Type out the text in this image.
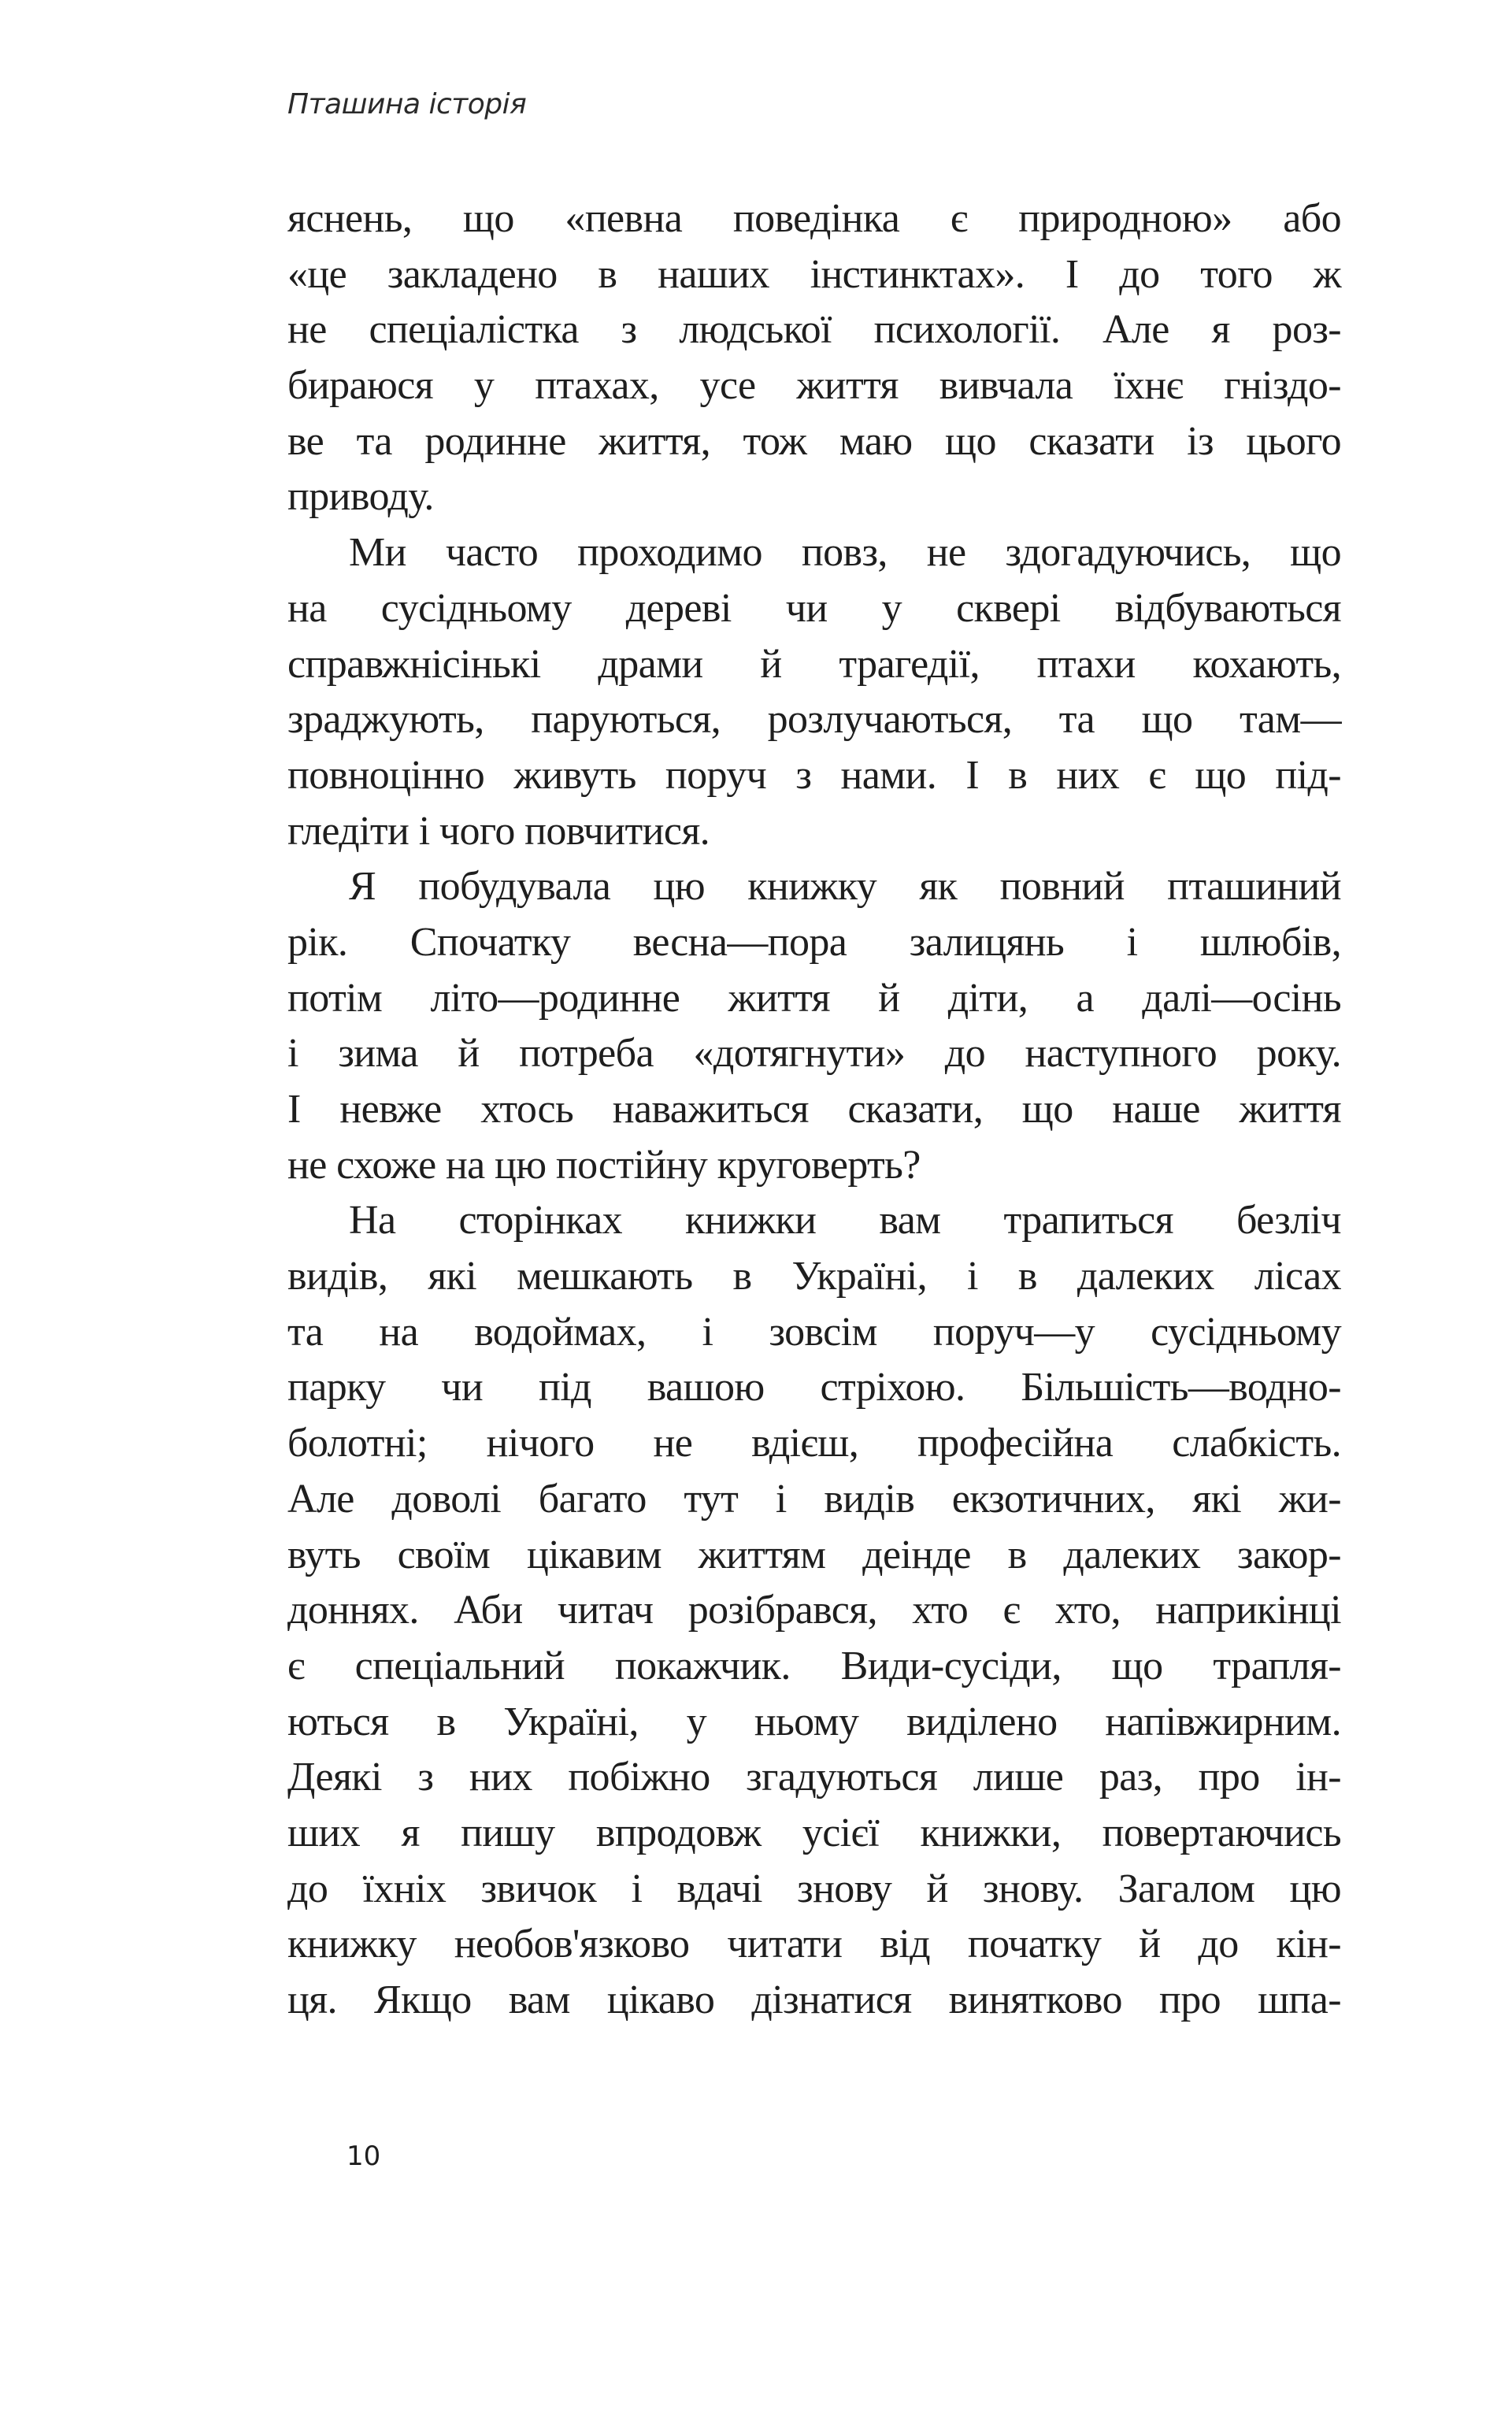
Пташина історія
яснень, що «певна поведінка є природною» або
«це закладено в наших інстинктах». І до того ж
не спеціалістка з людської психології. Але я роз-
бираюся у птахах, усе життя вивчала їхнє гніздо-
ве та родинне життя, тож маю що сказати із цього
приводу.
Ми часто проходимо повз, не здогадуючись, що
на сусідньому дереві чи у сквері відбуваються
справжнісінькі драми й трагедії, птахи кохають,
зраджують, паруються, розлучаються, та що там—
повноцінно живуть поруч з нами. І в них є що під-
гледіти і чого повчитися.
Я побудувала цю книжку як повний пташиний
рік. Спочатку весна—пора залицянь і шлюбів,
потім літо—родинне життя й діти, а далі—осінь
і зима й потреба «дотягнути» до наступного року.
І невже хтось наважиться сказати, що наше життя
не схоже на цю постійну круговерть?
На сторінках книжки вам трапиться безліч
видів, які мешкають в Україні, і в далеких лісах
та на водоймах, і зовсім поруч—у сусідньому
парку чи під вашою стріхою. Більшість—водно-
болотні; нічого не вдієш, професійна слабкість.
Але доволі багато тут і видів екзотичних, які жи-
вуть своїм цікавим життям деінде в далеких закор-
доннях. Аби читач розібрався, хто є хто, наприкінці
є спеціальний покажчик. Види-сусіди, що трапля-
ються в Україні, у ньому виділено напівжирним.
Деякі з них побіжно згадуються лише раз, про ін-
ших я пишу впродовж усієї книжки, повертаючись
до їхніх звичок і вдачі знову й знову. Загалом цю
книжку необов'язково читати від початку й до кін-
ця. Якщо вам цікаво дізнатися винятково про шпа-
10
